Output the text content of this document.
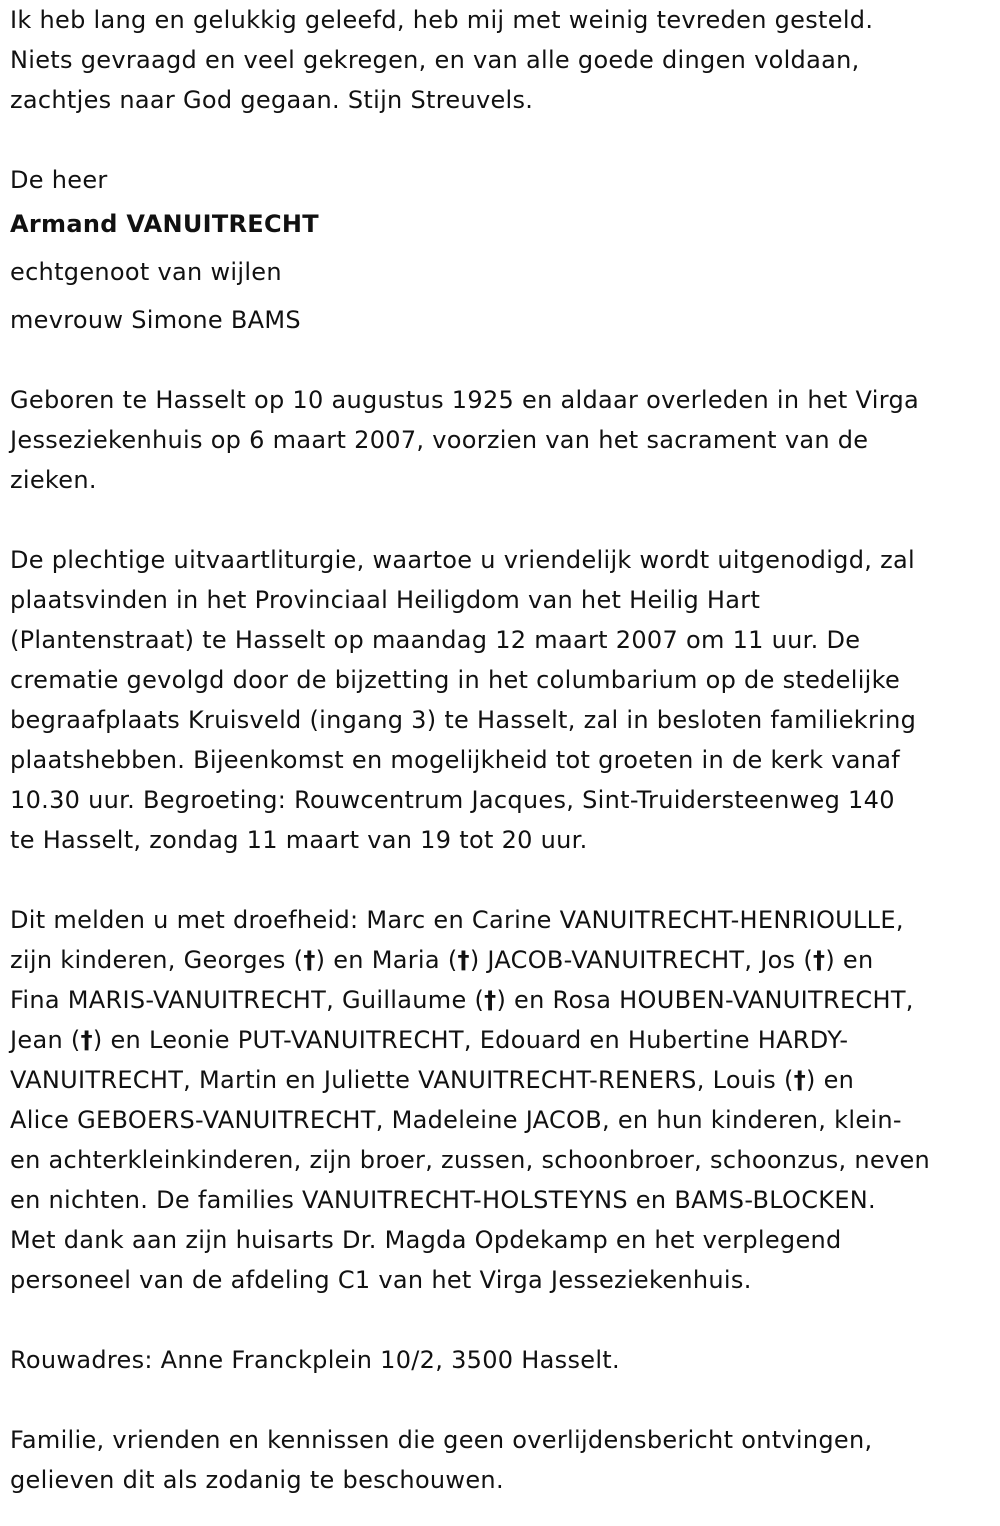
Ik heb lang en gelukkig geleefd, heb mij met weinig tevreden gesteld.
Niets gevraagd en veel gekregen, en van alle goede dingen voldaan,
zachtjes naar God gegaan. Stijn Streuvels.

De heer

Armand VANUITRECHT

echtgenoot van wijlen

mevrouw Simone BAMS

Geboren te Hasselt op 10 augustus 1925 en aldaar overleden in het Virga
Jesseziekenhuis op 6 maart 2007, voorzien van het sacrament van de
zieken.

De plechtige uitvaartliturgie, waartoe u vriendelijk wordt uitgenodigd, zal
plaatsvinden in het Provinciaal Heiligdom van het Heilig Hart
(Plantenstraat) te Hasselt op maandag 12 maart 2007 om 11 uur. De
crematie gevolgd door de bijzetting in het columbarium op de stedelijke
begraafplaats Kruisveld (ingang 3) te Hasselt, zal in besloten familiekring
plaatshebben. Bijeenkomst en mogelijkheid tot groeten in de kerk vanaf
10.30 uur. Begroeting: Rouwcentrum Jacques, Sint-Truidersteenweg 140
te Hasselt, zondag 11 maart van 19 tot 20 uur.

Dit melden u met droefheid: Marc en Carine VANUITRECHT-HENRIOULLE,
zijn kinderen, Georges (†) en Maria (†) JACOB-VANUITRECHT, Jos (†) en
Fina MARIS-VANUITRECHT, Guillaume (†) en Rosa HOUBEN-VANUITRECHT,
Jean (†) en Leonie PUT-VANUITRECHT, Edouard en Hubertine HARDY-
VANUITRECHT, Martin en Juliette VANUITRECHT-RENERS, Louis (†) en
Alice GEBOERS-VANUITRECHT, Madeleine JACOB, en hun kinderen, klein-
en achterkleinkinderen, zijn broer, zussen, schoonbroer, schoonzus, neven
en nichten. De families VANUITRECHT-HOLSTEYNS en BAMS-BLOCKEN.
Met dank aan zijn huisarts Dr. Magda Opdekamp en het verplegend
personeel van de afdeling C1 van het Virga Jesseziekenhuis.

Rouwadres: Anne Franckplein 10/2, 3500 Hasselt.

Familie, vrienden en kennissen die geen overlijdensbericht ontvingen,
gelieven dit als zodanig te beschouwen.
